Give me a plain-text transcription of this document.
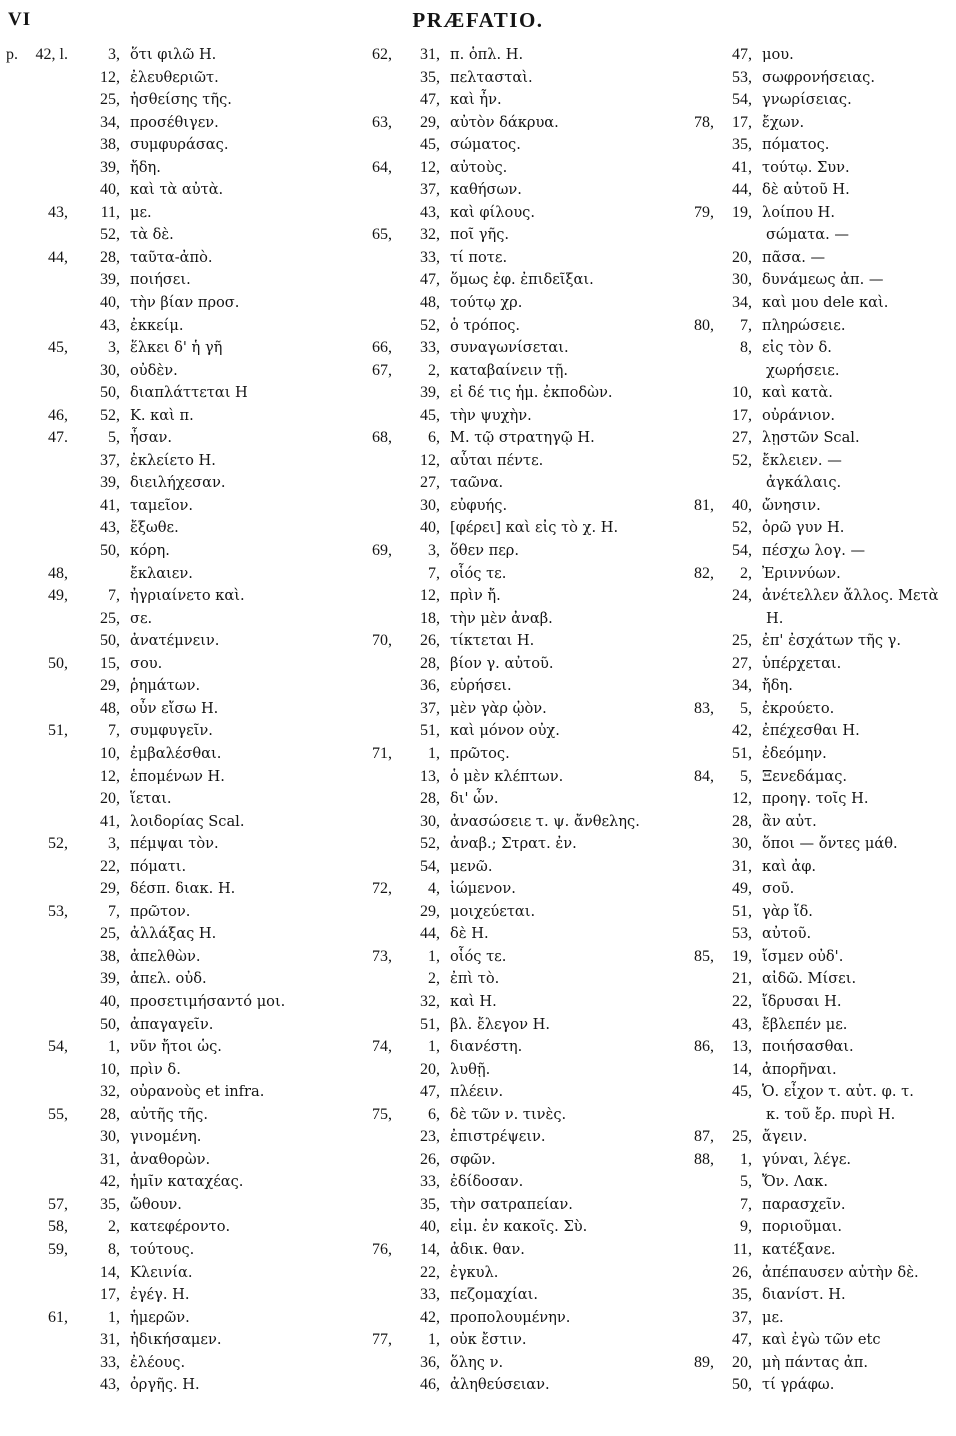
VI	PRÆFATIO.
p.	42, l.	3, ὅτι φιλῶ Η.
12, ἐλευθεριῶτ.
25, ἠσθείσης τῆς.
34, προσέθιγεν.
38, συμφυράσας.
39, ἤδη.
40, καὶ τὰ αὐτὰ.
43,	11, με.
52, τὰ δὲ.
44,	28, ταῦτα-ἀπὸ.
39, ποιήσει.
40, τὴν βίαν προσ.
43, ἐκκείμ.
45,	3, ἕλκει δ' ἡ γῆ
30, οὐδὲν.
50, διαπλάττεται Η
46,	52, Κ. καὶ π.
47.	5, ἦσαν.
37, ἐκλείετο Η.
39, διειλήχεσαν.
41, ταμεῖον.
43, ἔξωθε.
50, κόρη.
48,	ἔκλαιεν.
49,	7, ἠγριαίνετο καὶ.
25, σε.
50, ἀνατέμνειν.
50,	15, σου.
29, ῥημάτων.
48, οὖν εἴσω Η.
51,	7, συμφυγεῖν.
10, ἐμβαλέσθαι.
12, ἑπομένων Η.
20, ἵεται.
41, λοιδορίας Scal.
52,	3, πέμψαι τὸν.
22, πόματι.
29, δέσπ. διακ. Η.
53,	7, πρῶτον.
25, ἀλλάξας Η.
38, ἀπελθὼν.
39, ἀπελ. οὐδ.
40, προσετιμήσαντό μοι.
50, ἀπαγαγεῖν.
54,	1, νῦν ἤτοι ὡς.
10, πρὶν δ.
32, οὐρανοὺς et infra.
55,	28, αὐτῆς τῆς.
30, γινομένη.
31, ἀναθορὼν.
42, ἡμῖν καταχέας.
57,	35, ὤθουν.
58,	2, κατεφέροντο.
59,	8, τούτους.
14, Κλεινία.
17, ἐγέγ. Η.
61,	1, ἡμερῶν.
31, ἠδικήσαμεν.
33, ἐλέους.
43, ὀργῆς. Η.
62,	31, π. ὁπλ. Η.
35, πελτασταὶ.
47, καὶ ἦν.
63,	29, αὐτὸν δάκρυα.
45, σώματος.
64,	12, αὐτοὺς.
37, καθήσων.
43, καὶ φίλους.
65,	32, ποῖ γῆς.
33, τί ποτε.
47, ὅμως ἐφ. ἐπιδεῖξαι.
48, τούτῳ χρ.
52, ὁ τρόπος.
66,	33, συναγωνίσεται.
67,	2, καταβαίνειν τῇ.
39, εἰ δέ τις ἡμ. ἐκποδὼν.
45, τὴν ψυχὴν.
68,	6, Μ. τῷ στρατηγῷ Η.
12, αὗται πέντε.
27, ταῶνα.
30, εὐφυής.
40, [φέρει] καὶ εἰς τὸ χ. Η.
69,	3, ὅθεν περ.
7, οἷός τε.
12, πρὶν ἤ.
18, τὴν μὲν ἀναβ.
70,	26, τίκτεται Η.
28, βίον γ. αὐτοῦ.
36, εὑρήσει.
37, μὲν γὰρ ᾠὸν.
51, καὶ μόνον οὐχ.
71,	1, πρῶτος.
13, ὁ μὲν κλέπτων.
28, δι' ὧν.
30, ἀνασώσειε τ. ψ. ἄνθελης.
52, ἀναβ.; Στρατ. ἐν.
54, μενῶ.
72,	4, ἰώμενον.
29, μοιχεύεται.
44, δὲ Η.
73,	1, οἷός τε.
2, ἐπὶ τὸ.
32, καὶ Η.
51, βλ. ἔλεγον Η.
74,	1, διανέστη.
20, λυθῇ.
47, πλέειν.
75,	6, δὲ τῶν ν. τινὲς.
23, ἐπιστρέψειν.
26, σφῶν.
33, ἐδίδοσαν.
35, τὴν σατραπείαν.
40, εἰμ. ἐν κακοῖς. Σὺ.
76,	14, ἀδικ. θαν.
22, ἐγκυλ.
33, πεζομαχίαι.
42, προπολουμένην.
77,	1, οὐκ ἔστιν.
36, ὅλης ν.
46, ἀληθεύσειαν.
47, μου.
53, σωφρονήσειας.
54, γνωρίσειας.
78,	17, ἔχων.
35, πόματος.
41, τούτῳ. Συν.
44, δὲ αὐτοῦ Η.
79,	19, λοίπου Η.
σώματα. —
20, πᾶσα. —
30, δυνάμεως ἀπ. —
34, καὶ μου dele καὶ.
80,	7, πληρώσειε.
8, εἰς τὸν δ.
χωρήσειε.
10, καὶ κατὰ.
17, οὐράνιον.
27, λῃστῶν Scal.
52, ἔκλειεν. —
ἀγκάλαις.
81,	40, ὤνησιν.
52, ὁρῶ γυν Η.
54, πέσχω λογ. —
82,	2, Ἐριννύων.
24, ἀνέτελλεν ἄλλος. Μετὰ
Η.
25, ἐπ' ἐσχάτων τῆς γ.
27, ὑπέρχεται.
34, ἤδη.
83,	5, ἐκρούετο.
42, ἐπέχεσθαι Η.
51, ἐδεόμην.
84,	5, Ξενεδάμας.
12, προηγ. τοῖς Η.
28, ἂν αὐτ.
30, ὅποι — ὄντες μάθ.
31, καὶ ἀφ.
49, σοῦ.
51, γὰρ ἴδ.
53, αὐτοῦ.
85,	19, ἴσμεν οὐδ'.
21, αἰδῶ. Μίσει.
22, ἴδρυσαι Η.
43, ἔβλεπέν με.
86,	13, ποιήσασθαι.
14, ἀπορῆναι.
45, Ὁ. εἶχον τ. αὐτ. φ. τ.
κ. τοῦ ἔρ. πυρὶ Η.
87,	25, ἄγειν.
88,	1, γύναι, λέγε.
5, Ὄν. Λακ.
7, παρασχεῖν.
9, ποριοῦμαι.
11, κατέξανε.
26, ἀπέπαυσεν αὐτὴν δὲ.
35, διανίστ. Η.
37, με.
47, καὶ ἐγὼ τῶν etc
89,	20, μὴ πάντας ἀπ.
50, τί γράφω.
